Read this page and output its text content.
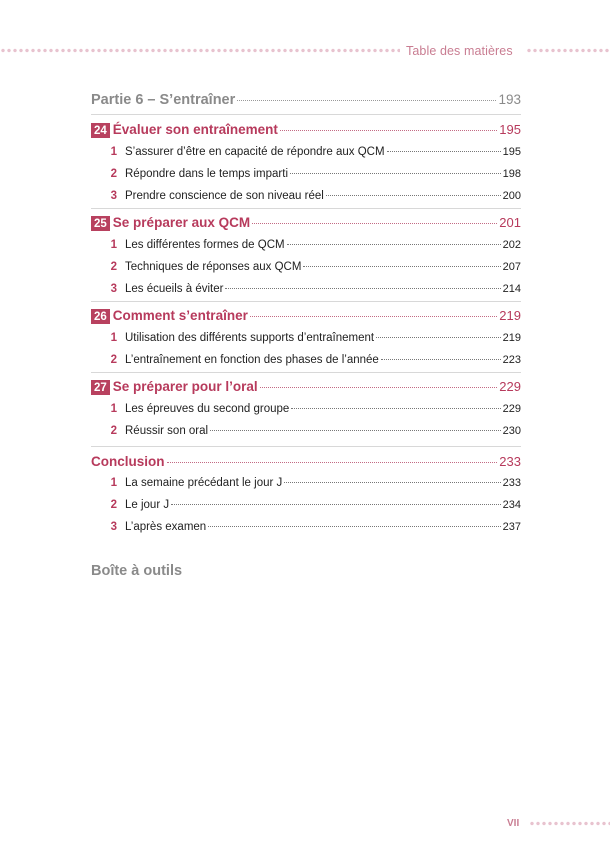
Table des matières
Partie 6 – S’entraîner	193
24 Évaluer son entraînement	195
1 S’assurer d’être en capacité de répondre aux QCM	195
2 Répondre dans le temps imparti	198
3 Prendre conscience de son niveau réel	200
25 Se préparer aux QCM	201
1 Les différentes formes de QCM	202
2 Techniques de réponses aux QCM	207
3 Les écueils à éviter	214
26 Comment s’entraîner	219
1 Utilisation des différents supports d’entraînement	219
2 L’entraînement en fonction des phases de l’année	223
27 Se préparer pour l’oral	229
1 Les épreuves du second groupe	229
2 Réussir son oral	230
Conclusion	233
1 La semaine précédant le jour J	233
2 Le jour J	234
3 L’après examen	237
Boîte à outils
VII
